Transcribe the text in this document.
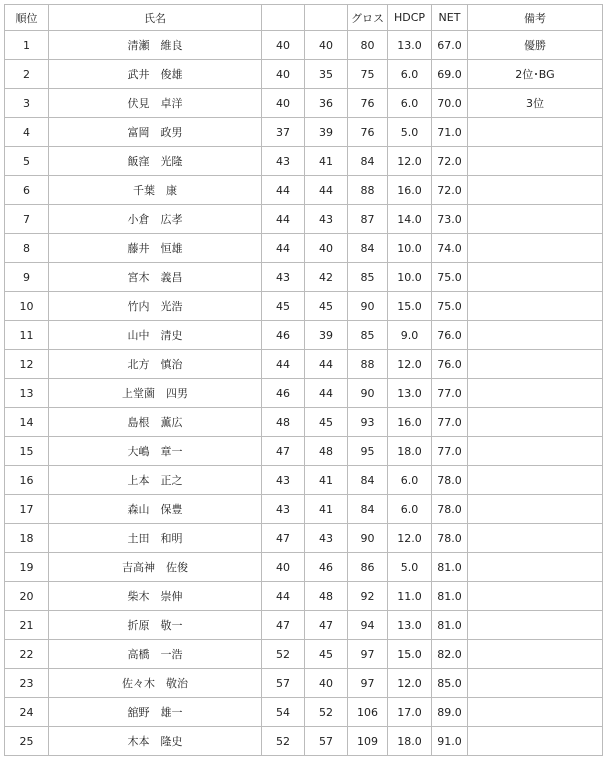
順位	氏名			グロス	HDCP	NET	備考
1	清瀬　維良	40	40	80	13.0	67.0	優勝
2	武井　俊雄	40	35	75	6.0	69.0	2位･BG
3	伏見　卓洋	40	36	76	6.0	70.0	3位
4	富岡　政男	37	39	76	5.0	71.0	
5	飯窪　光隆	43	41	84	12.0	72.0	
6	千葉　康	44	44	88	16.0	72.0	
7	小倉　広孝	44	43	87	14.0	73.0	
8	藤井　恒雄	44	40	84	10.0	74.0	
9	宮木　義昌	43	42	85	10.0	75.0	
10	竹内　光浩	45	45	90	15.0	75.0	
11	山中　清史	46	39	85	9.0	76.0	
12	北方　慎治	44	44	88	12.0	76.0	
13	上堂薗　四男	46	44	90	13.0	77.0	
14	島根　薫広	48	45	93	16.0	77.0	
15	大嶋　章一	47	48	95	18.0	77.0	
16	上本　正之	43	41	84	6.0	78.0	
17	森山　保豊	43	41	84	6.0	78.0	
18	土田　和明	47	43	90	12.0	78.0	
19	吉高神　佐俊	40	46	86	5.0	81.0	
20	柴木　崇伸	44	48	92	11.0	81.0	
21	折原　敬一	47	47	94	13.0	81.0	
22	高橋　一浩	52	45	97	15.0	82.0	
23	佐々木　敬治	57	40	97	12.0	85.0	
24	舘野　雄一	54	52	106	17.0	89.0	
25	木本　隆史	52	57	109	18.0	91.0	
